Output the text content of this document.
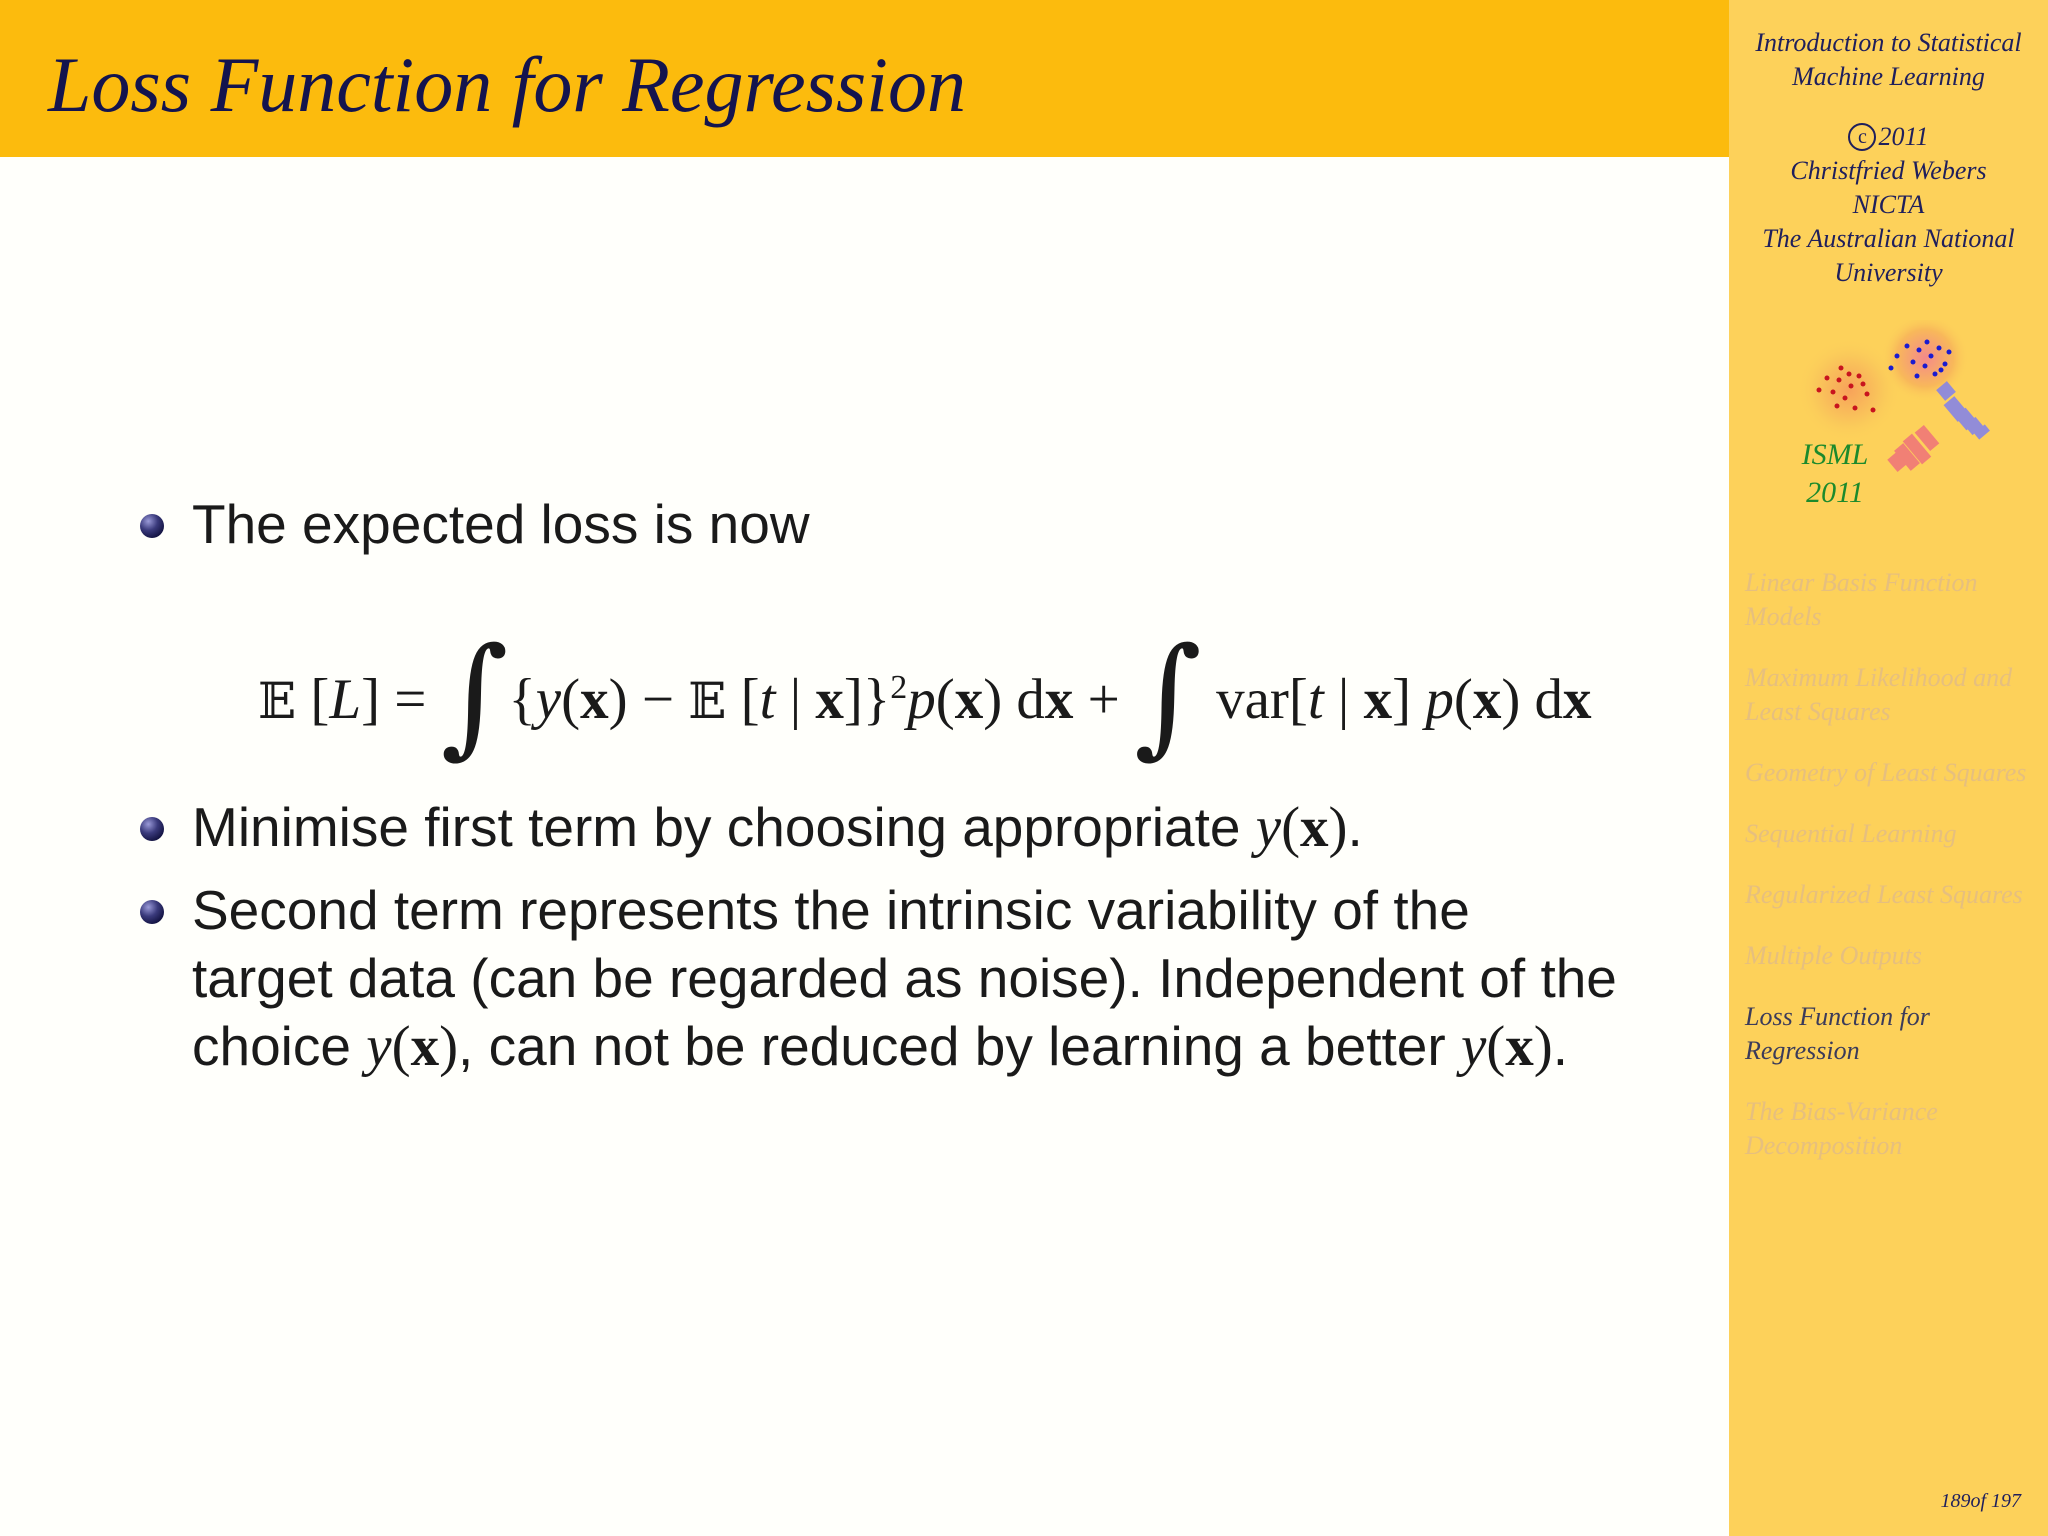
Loss Function for Regression	Introduction to Statistical
Machine Learning
c 2011
Christfried Webers
NICTA
The Australian National
University
ISML
2011
Linear Basis Function Models
Maximum Likelihood and Least Squares
Geometry of Least Squares
Sequential Learning
Regularized Least Squares
Multiple Outputs
Loss Function for Regression
The Bias-Variance Decomposition
189of 197
The expected loss is now
𝔼 [L] = ∫{y(x) − 𝔼 [t | x]}$^2$p(x) dx + ∫ var[t | x] p(x) dx
Minimise first term by choosing appropriate y(x).
Second term represents the intrinsic variability of the
target data (can be regarded as noise). Independent of the
choice y(x), can not be reduced by learning a better y(x).
